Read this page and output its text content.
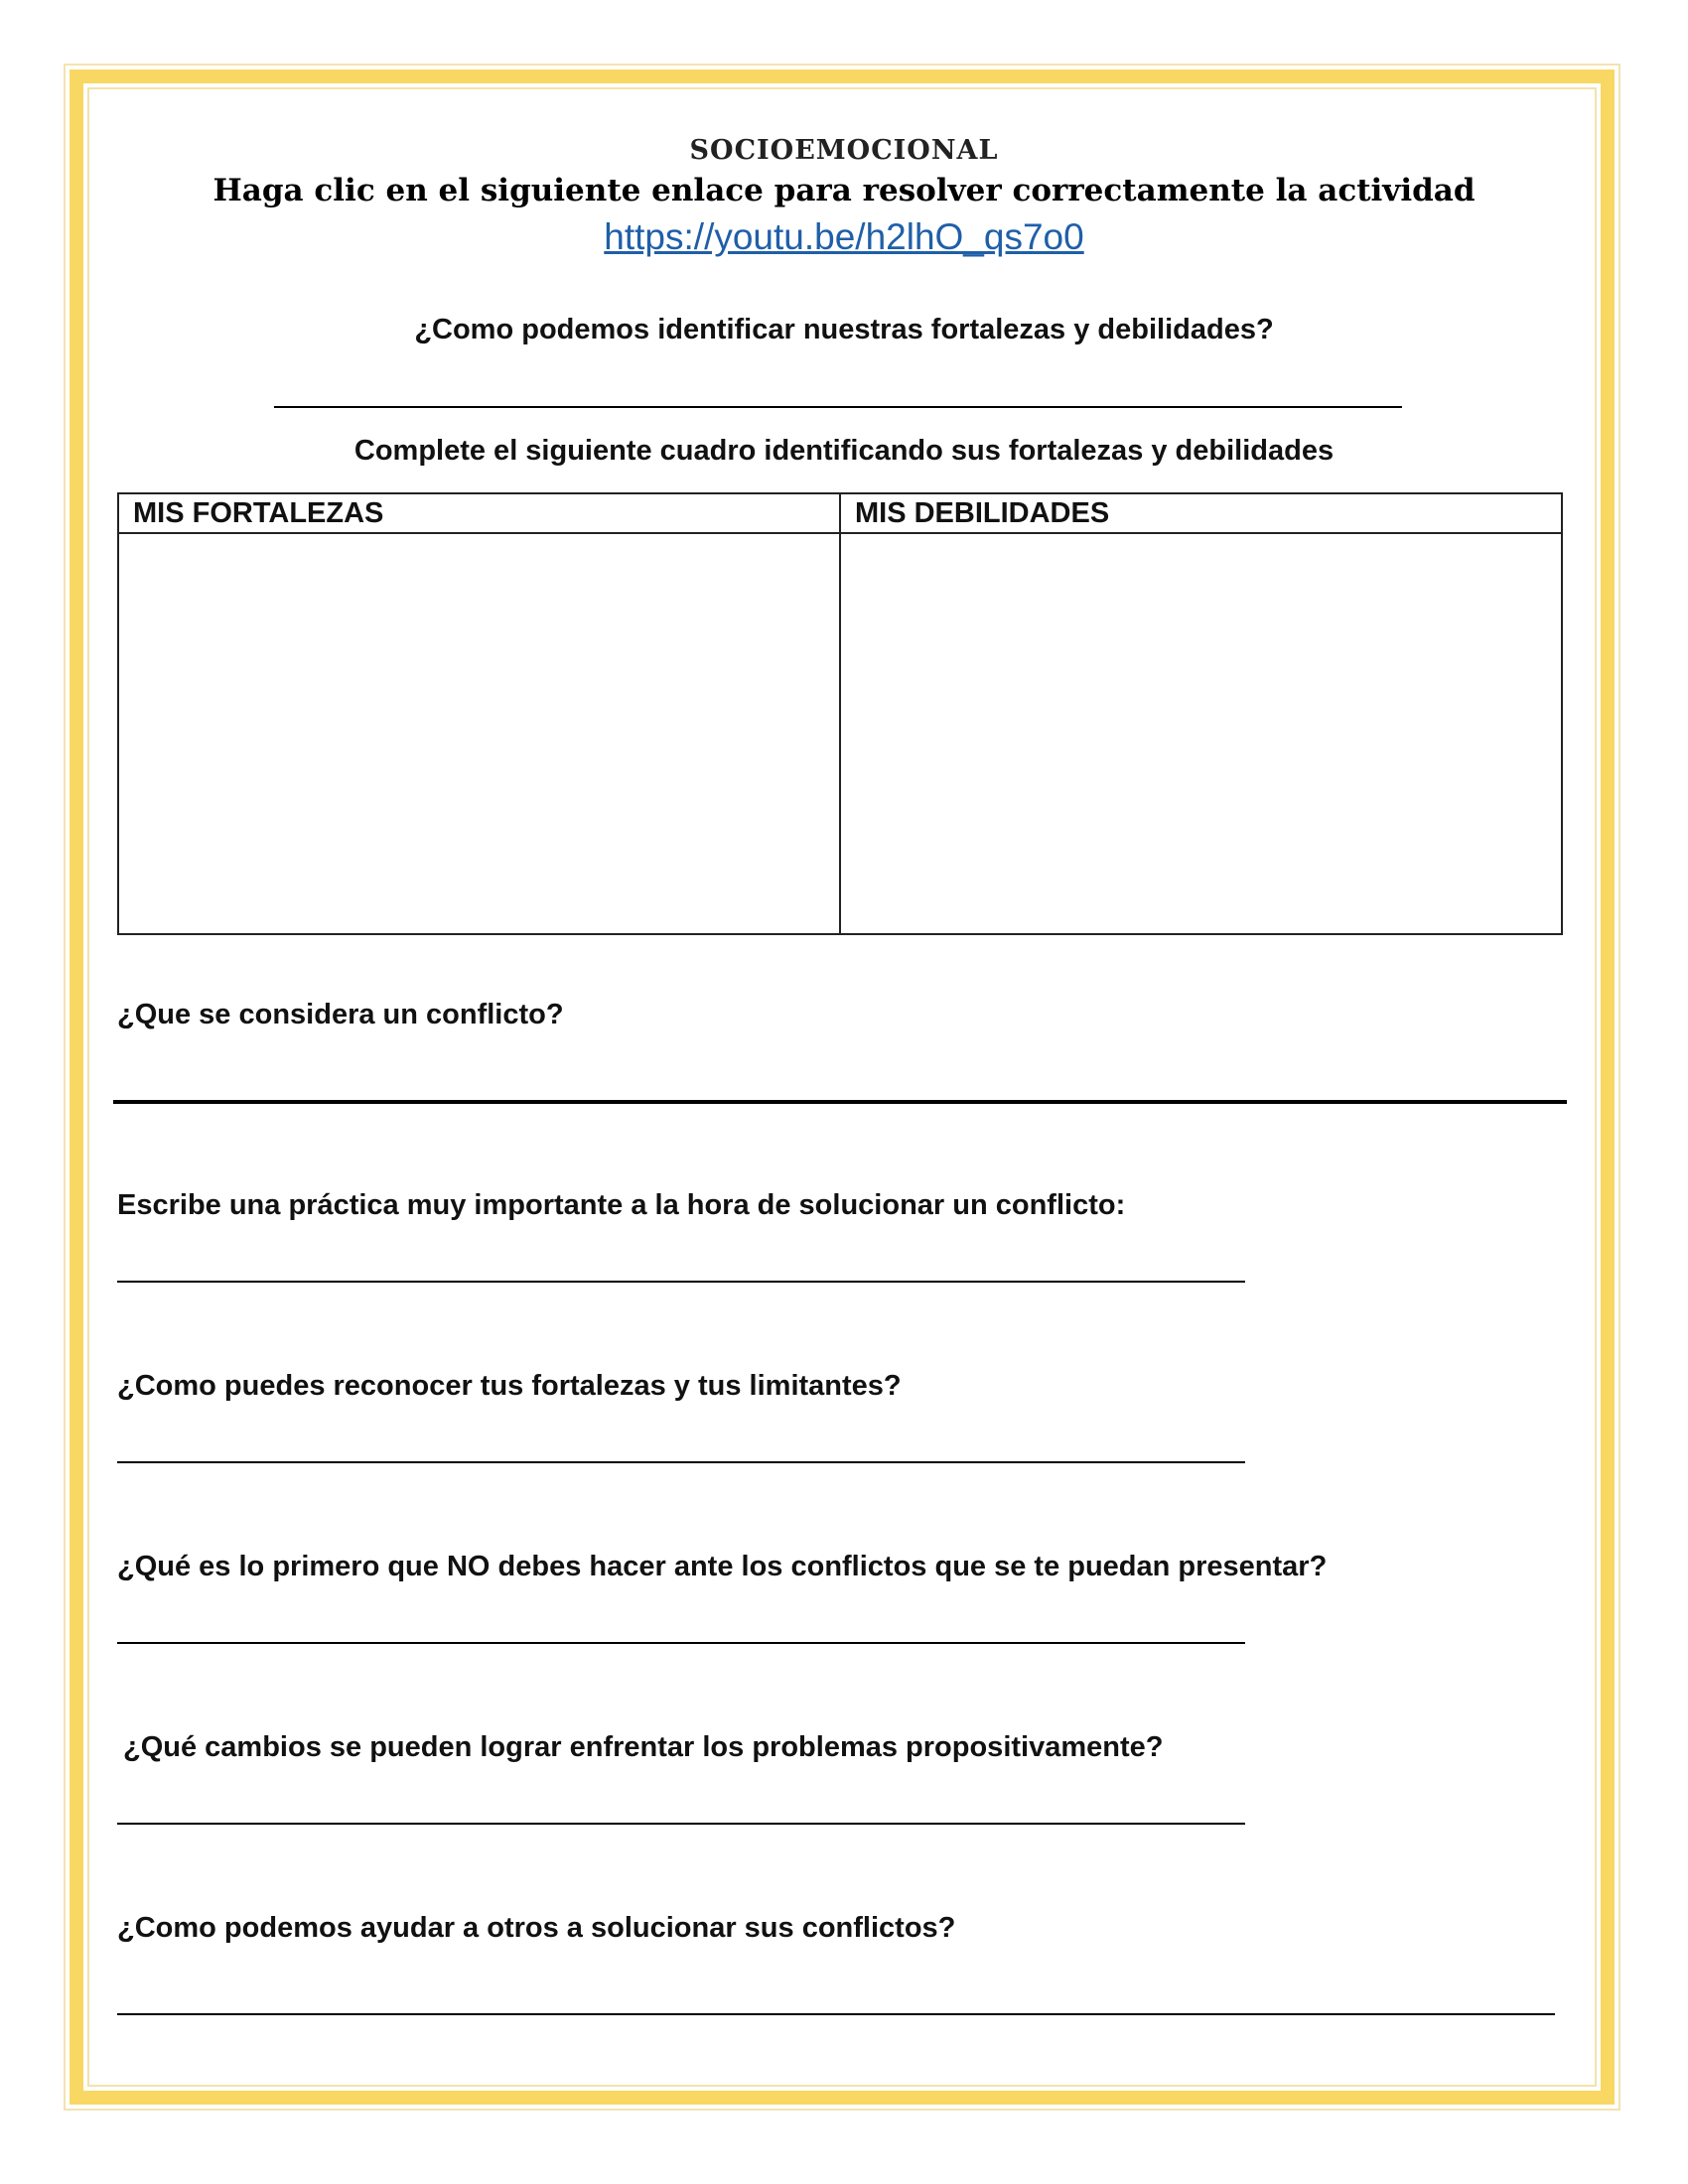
SOCIOEMOCIONAL
Haga clic en el siguiente enlace para resolver correctamente la actividad
https://youtu.be/h2lhO_qs7o0
¿Como podemos identificar nuestras fortalezas y debilidades?
Complete el siguiente cuadro identificando sus fortalezas y debilidades
MIS FORTALEZAS	MIS DEBILIDADES

¿Que se considera un conflicto?
Escribe una práctica muy importante a la hora de solucionar un conflicto:
¿Como puedes reconocer tus fortalezas y tus limitantes?
¿Qué es lo primero que NO debes hacer ante los conflictos que se te puedan presentar?
¿Qué cambios se pueden lograr enfrentar los problemas propositivamente?
¿Como podemos ayudar a otros a solucionar sus conflictos?
